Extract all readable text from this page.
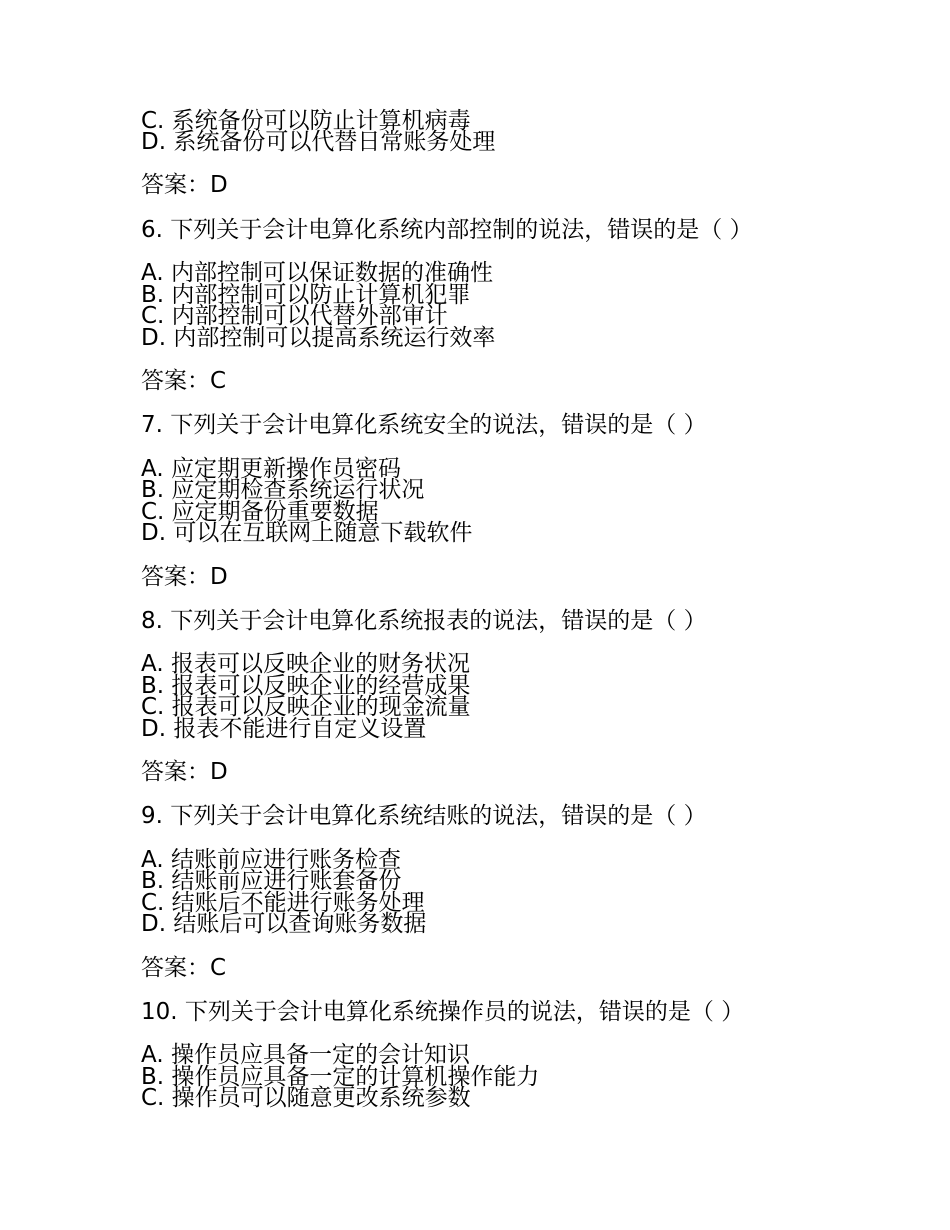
C. 系统备份可以防止计算机病毒
D. 系统备份可以代替日常账务处理
答案：D
6. 下列关于会计电算化系统内部控制的说法，错误的是（ ）
A. 内部控制可以保证数据的准确性
B. 内部控制可以防止计算机犯罪
C. 内部控制可以代替外部审计
D. 内部控制可以提高系统运行效率
答案：C
7. 下列关于会计电算化系统安全的说法，错误的是（ ）
A. 应定期更新操作员密码
B. 应定期检查系统运行状况
C. 应定期备份重要数据
D. 可以在互联网上随意下载软件
答案：D
8. 下列关于会计电算化系统报表的说法，错误的是（ ）
A. 报表可以反映企业的财务状况
B. 报表可以反映企业的经营成果
C. 报表可以反映企业的现金流量
D. 报表不能进行自定义设置
答案：D
9. 下列关于会计电算化系统结账的说法，错误的是（ ）
A. 结账前应进行账务检查
B. 结账前应进行账套备份
C. 结账后不能进行账务处理
D. 结账后可以查询账务数据
答案：C
10. 下列关于会计电算化系统操作员的说法，错误的是（ ）
A. 操作员应具备一定的会计知识
B. 操作员应具备一定的计算机操作能力
C. 操作员可以随意更改系统参数
